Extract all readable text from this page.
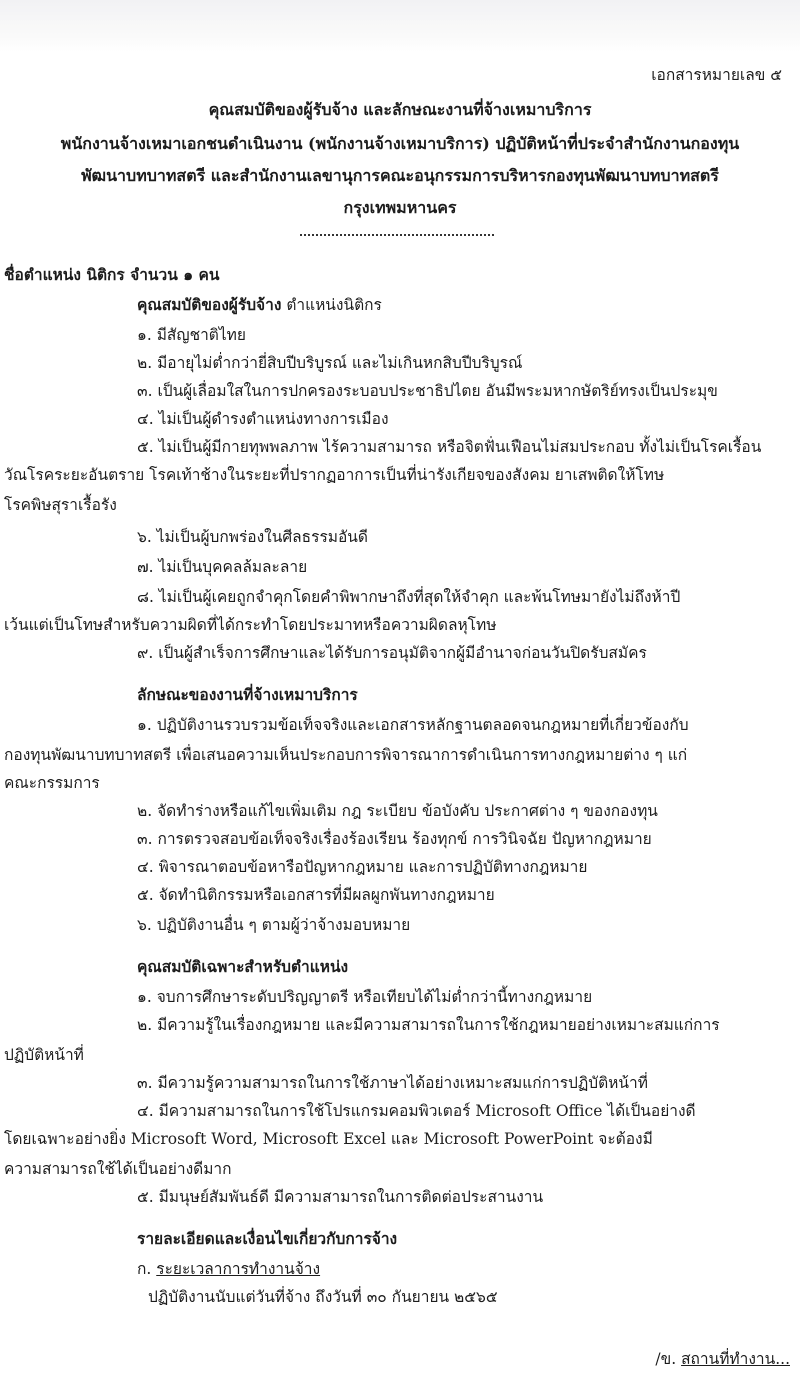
เอกสารหมายเลข ๕
คุณสมบัติของผู้รับจ้าง และลักษณะงานที่จ้างเหมาบริการ
พนักงานจ้างเหมาเอกชนดำเนินงาน (พนักงานจ้างเหมาบริการ) ปฏิบัติหน้าที่ประจำสำนักงานกองทุน
พัฒนาบทบาทสตรี และสำนักงานเลขานุการคณะอนุกรรมการบริหารกองทุนพัฒนาบทบาทสตรี
กรุงเทพมหานคร
ชื่อตำแหน่ง นิติกร จำนวน ๑ คน
คุณสมบัติของผู้รับจ้าง ตำแหน่งนิติกร
๑. มีสัญชาติไทย
๒. มีอายุไม่ต่ำกว่ายี่สิบปีบริบูรณ์ และไม่เกินหกสิบปีบริบูรณ์
๓. เป็นผู้เลื่อมใสในการปกครองระบอบประชาธิปไตย อันมีพระมหากษัตริย์ทรงเป็นประมุข
๔. ไม่เป็นผู้ดำรงตำแหน่งทางการเมือง
๕. ไม่เป็นผู้มีกายทุพพลภาพ ไร้ความสามารถ หรือจิตฟั่นเฟือนไม่สมประกอบ ทั้งไม่เป็นโรคเรื้อน
วัณโรคระยะอันตราย โรคเท้าช้างในระยะที่ปรากฏอาการเป็นที่น่ารังเกียจของสังคม ยาเสพติดให้โทษ
โรคพิษสุราเรื้อรัง
๖. ไม่เป็นผู้บกพร่องในศีลธรรมอันดี
๗. ไม่เป็นบุคคลล้มละลาย
๘. ไม่เป็นผู้เคยถูกจำคุกโดยคำพิพากษาถึงที่สุดให้จำคุก และพ้นโทษมายังไม่ถึงห้าปี
เว้นแต่เป็นโทษสำหรับความผิดที่ได้กระทำโดยประมาทหรือความผิดลหุโทษ
๙. เป็นผู้สำเร็จการศึกษาและได้รับการอนุมัติจากผู้มีอำนาจก่อนวันปิดรับสมัคร
ลักษณะของงานที่จ้างเหมาบริการ
๑. ปฏิบัติงานรวบรวมข้อเท็จจริงและเอกสารหลักฐานตลอดจนกฎหมายที่เกี่ยวข้องกับ
กองทุนพัฒนาบทบาทสตรี เพื่อเสนอความเห็นประกอบการพิจารณาการดำเนินการทางกฎหมายต่าง ๆ แก่
คณะกรรมการ
๒. จัดทำร่างหรือแก้ไขเพิ่มเติม กฎ ระเบียบ ข้อบังคับ ประกาศต่าง ๆ ของกองทุน
๓. การตรวจสอบข้อเท็จจริงเรื่องร้องเรียน ร้องทุกข์ การวินิจฉัย ปัญหากฎหมาย
๔. พิจารณาตอบข้อหารือปัญหากฎหมาย และการปฏิบัติทางกฎหมาย
๕. จัดทำนิติกรรมหรือเอกสารที่มีผลผูกพันทางกฎหมาย
๖. ปฏิบัติงานอื่น ๆ ตามผู้ว่าจ้างมอบหมาย
คุณสมบัติเฉพาะสำหรับตำแหน่ง
๑. จบการศึกษาระดับปริญญาตรี หรือเทียบได้ไม่ต่ำกว่านี้ทางกฎหมาย
๒. มีความรู้ในเรื่องกฎหมาย และมีความสามารถในการใช้กฎหมายอย่างเหมาะสมแก่การ
ปฏิบัติหน้าที่
๓. มีความรู้ความสามารถในการใช้ภาษาได้อย่างเหมาะสมแก่การปฏิบัติหน้าที่
๔. มีความสามารถในการใช้โปรแกรมคอมพิวเตอร์ Microsoft Office ได้เป็นอย่างดี
โดยเฉพาะอย่างยิ่ง Microsoft Word, Microsoft Excel และ Microsoft PowerPoint จะต้องมี
ความสามารถใช้ได้เป็นอย่างดีมาก
๕. มีมนุษย์สัมพันธ์ดี มีความสามารถในการติดต่อประสานงาน
รายละเอียดและเงื่อนไขเกี่ยวกับการจ้าง
ก. ระยะเวลาการทำงานจ้าง
ปฏิบัติงานนับแต่วันที่จ้าง ถึงวันที่ ๓๐ กันยายน ๒๕๖๕
/ข. สถานที่ทำงาน...
